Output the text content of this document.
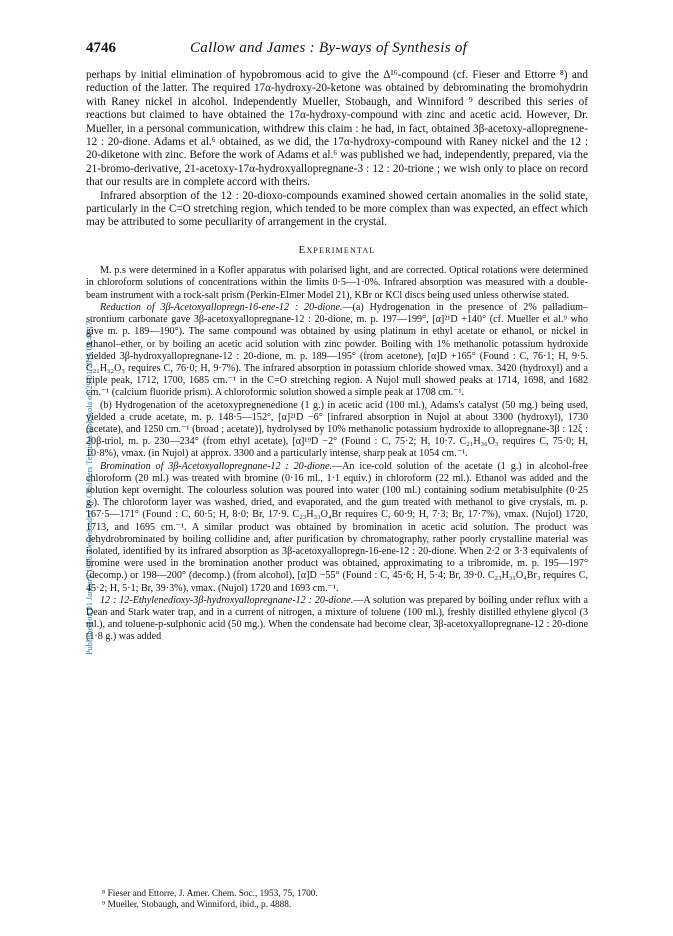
Published on 01 January 1956. Downloaded by Chalmers Tekniska Hogskola on 29/01/2016 04:40:17.
4746	Callow and James : By-ways of Synthesis of

perhaps by initial elimination of hypobromous acid to give the Δ¹⁶-compound (cf. Fieser and Ettorre ⁸) and reduction of the latter. The required 17α-hydroxy-20-ketone was obtained by debrominating the bromohydrin with Raney nickel in alcohol. Independently Mueller, Stobaugh, and Winniford ⁹ described this series of reactions but claimed to have obtained the 17α-hydroxy-compound with zinc and acetic acid. However, Dr. Mueller, in a personal communication, withdrew this claim : he had, in fact, obtained 3β-acetoxy-allopregnene-12 : 20-dione. Adams et al.⁶ obtained, as we did, the 17α-hydroxy-compound with Raney nickel and the 12 : 20-diketone with zinc. Before the work of Adams et al.⁶ was published we had, independently, prepared, via the 21-bromo-derivative, 21-acetoxy-17α-hydroxyallopregnane-3 : 12 : 20-trione ; we wish only to place on record that our results are in complete accord with theirs.

Infrared absorption of the 12 : 20-dioxo-compounds examined showed certain anomalies in the solid state, particularly in the C=O stretching region, which tended to be more complex than was expected, an effect which may be attributed to some peculiarity of arrangement in the crystal.

Experimental

M. p.s were determined in a Kofler apparatus with polarised light, and are corrected. Optical rotations were determined in chloroform solutions of concentrations within the limits 0·5—1·0%. Infrared absorption was measured with a double-beam instrument with a rock-salt prism (Perkin-Elmer Model 21), KBr or KCl discs being used unless otherwise stated.

Reduction of 3β-Acetoxyallopregn-16-ene-12 : 20-dione.—(a) Hydrogenation in the presence of 2% palladium–strontium carbonate gave 3β-acetoxyallopregnane-12 : 20-dione, m. p. 197—199°, [α]²¹D +140° (cf. Mueller et al.⁹ who give m. p. 189—190°). The same compound was obtained by using platinum in ethyl acetate or ethanol, or nickel in ethanol–ether, or by boiling an acetic acid solution with zinc powder. Boiling with 1% methanolic potassium hydroxide yielded 3β-hydroxyallopregnane-12 : 20-dione, m. p. 189—195° (from acetone), [α]D +165° (Found : C, 76·1; H, 9·5. C₂₁H₃₂O₃ requires C, 76·0; H, 9·7%). The infrared absorption in potassium chloride showed νmax. 3420 (hydroxyl) and a triple peak, 1712, 1700, 1685 cm.⁻¹ in the C=O stretching region. A Nujol mull showed peaks at 1714, 1698, and 1682 cm.⁻¹ (calcium fluoride prism). A chloroformic solution showed a simple peak at 1708 cm.⁻¹.

(b) Hydrogenation of the acetoxypregnenedione (1 g.) in acetic acid (100 ml.), Adams's catalyst (50 mg.) being used, yielded a crude acetate, m. p. 148·5—152°, [α]²¹D −6° [infrared absorption in Nujol at about 3300 (hydroxyl), 1730 (acetate), and 1250 cm.⁻¹ (broad ; acetate)], hydrolysed by 10% methanolic potassium hydroxide to allopregnane-3β : 12ξ : 20β-triol, m. p. 230—234° (from ethyl acetate), [α]¹⁹D −2° (Found : C, 75·2; H, 10·7. C₂₁H₃₆O₃ requires C, 75·0; H, 10·8%), νmax. (in Nujol) at approx. 3300 and a particularly intense, sharp peak at 1054 cm.⁻¹.

Bromination of 3β-Acetoxyallopregnane-12 : 20-dione.—An ice-cold solution of the acetate (1 g.) in alcohol-free chloroform (20 ml.) was treated with bromine (0·16 ml., 1·1 equiv.) in chloroform (22 ml.). Ethanol was added and the solution kept overnight. The colourless solution was poured into water (100 ml.) containing sodium metabisulphite (0·25 g.). The chloroform layer was washed, dried, and evaporated, and the gum treated with methanol to give crystals, m. p. 167·5—171° (Found : C, 60·5; H, 8·0; Br, 17·9. C₂₃H₃₃O₄Br requires C, 60·9; H, 7·3; Br, 17·7%), νmax. (Nujol) 1720, 1713, and 1695 cm.⁻¹. A similar product was obtained by bromination in acetic acid solution. The product was dehydrobrominated by boiling collidine and, after purification by chromatography, rather poorly crystalline material was isolated, identified by its infrared absorption as 3β-acetoxyallopregn-16-ene-12 : 20-dione. When 2·2 or 3·3 equivalents of bromine were used in the bromination another product was obtained, approximating to a tribromide, m. p. 195—197° (decomp.) or 198—200° (decomp.) (from alcohol), [α]D −55° (Found : C, 45·6; H, 5·4; Br, 39·0. C₂₃H₃₁O₄Br₃ requires C, 45·2; H, 5·1; Br, 39·3%), νmax. (Nujol) 1720 and 1693 cm.⁻¹.

12 : 12-Ethylenedioxy-3β-hydroxyallopregnane-12 : 20-dione.—A solution was prepared by boiling under reflux with a Dean and Stark water trap, and in a current of nitrogen, a mixture of toluene (100 ml.), freshly distilled ethylene glycol (3 ml.), and toluene-p-sulphonic acid (50 mg.). When the condensate had become clear, 3β-acetoxyallopregnane-12 : 20-dione (1·8 g.) was added

⁸ Fieser and Ettorre, J. Amer. Chem. Soc., 1953, 75, 1700.
⁹ Mueller, Stobaugh, and Winniford, ibid., p. 4888.
